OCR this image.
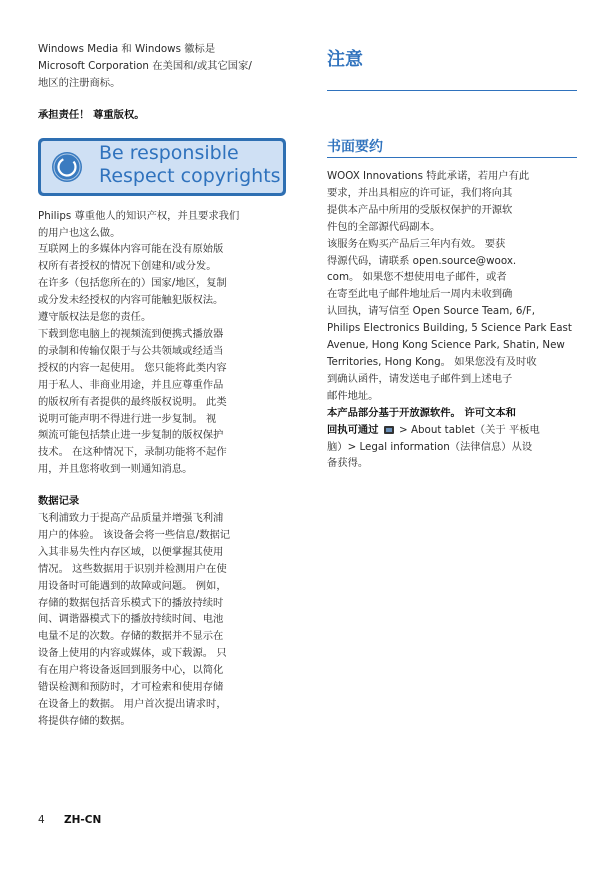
Windows Media 和 Windows 徽标是

Microsoft Corporation 在美国和/或其它国家/

地区的注册商标。

承担责任！ 尊重版权。

Be responsible
Respect copyrights

Philips 尊重他人的知识产权，并且要求我们

的用户也这么做。

互联网上的多媒体内容可能在没有原始版

权所有者授权的情况下创建和/或分发。

在许多（包括您所在的）国家/地区，复制

或分发未经授权的内容可能触犯版权法。

遵守版权法是您的责任。

下载到您电脑上的视频流到便携式播放器

的录制和传输仅限于与公共领域或经适当

授权的内容一起使用。 您只能将此类内容

用于私人、非商业用途，并且应尊重作品

的版权所有者提供的最终版权说明。 此类

说明可能声明不得进行进一步复制。 视

频流可能包括禁止进一步复制的版权保护

技术。 在这种情况下，录制功能将不起作

用，并且您将收到一则通知消息。

数据记录

飞利浦致力于提高产品质量并增强飞利浦

用户的体验。 该设备会将一些信息/数据记

入其非易失性内存区域，以便掌握其使用

情况。 这些数据用于识别并检测用户在使

用设备时可能遇到的故障或问题。 例如，

存储的数据包括音乐模式下的播放持续时

间、调谐器模式下的播放持续时间、电池

电量不足的次数。存储的数据并不显示在

设备上使用的内容或媒体，或下载源。 只

有在用户将设备返回到服务中心，以简化

错误检测和预防时，才可检索和使用存储

在设备上的数据。 用户首次提出请求时，

将提供存储的数据。

注意
书面要约

WOOX Innovations 特此承诺，若用户有此

要求，并出具相应的许可证，我们将向其

提供本产品中所用的受版权保护的开源软

件包的全部源代码副本。

该服务在购买产品后三年内有效。 要获

得源代码，请联系 open.source@woox.

com。 如果您不想使用电子邮件，或者

在寄至此电子邮件地址后一周内未收到确

认回执，请写信至 Open Source Team, 6/F,

Philips Electronics Building, 5 Science Park East

Avenue, Hong Kong Science Park, Shatin, New

Territories, Hong Kong。 如果您没有及时收

到确认函件，请发送电子邮件到上述电子

邮件地址。

本产品部分基于开放源软件。 许可文本和

回执可通过 > About tablet（关于 平板电

脑）> Legal information（法律信息）从设

备获得。

4 ZH-CN
